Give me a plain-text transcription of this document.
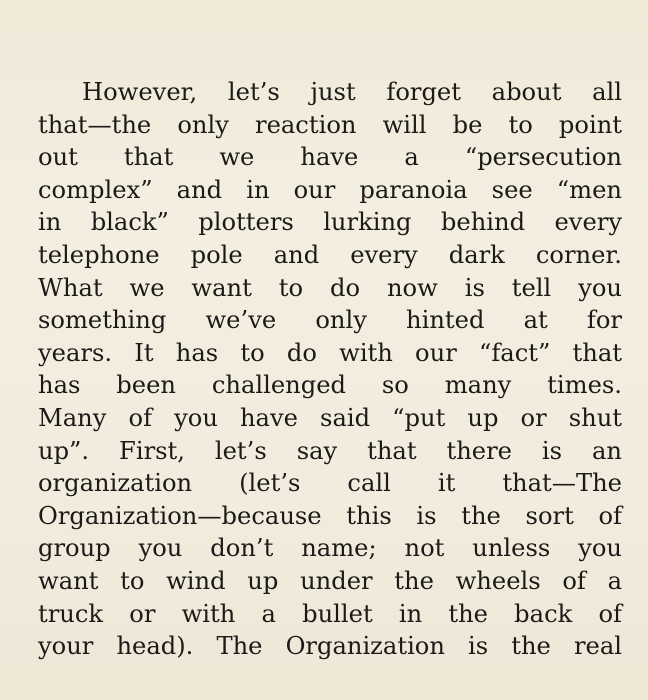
However, let’s just forget about all
that—the only reaction will be to point
out that we have a “persecution
complex” and in our paranoia see “men
in black” plotters lurking behind every
telephone pole and every dark corner.
What we want to do now is tell you
something we’ve only hinted at for
years. It has to do with our “fact” that
has been challenged so many times.
Many of you have said “put up or shut
up”. First, let’s say that there is an
organization (let’s call it that—The
Organization—because this is the sort of
group you don’t name; not unless you
want to wind up under the wheels of a
truck or with a bullet in the back of
your head). The Organization is the real
